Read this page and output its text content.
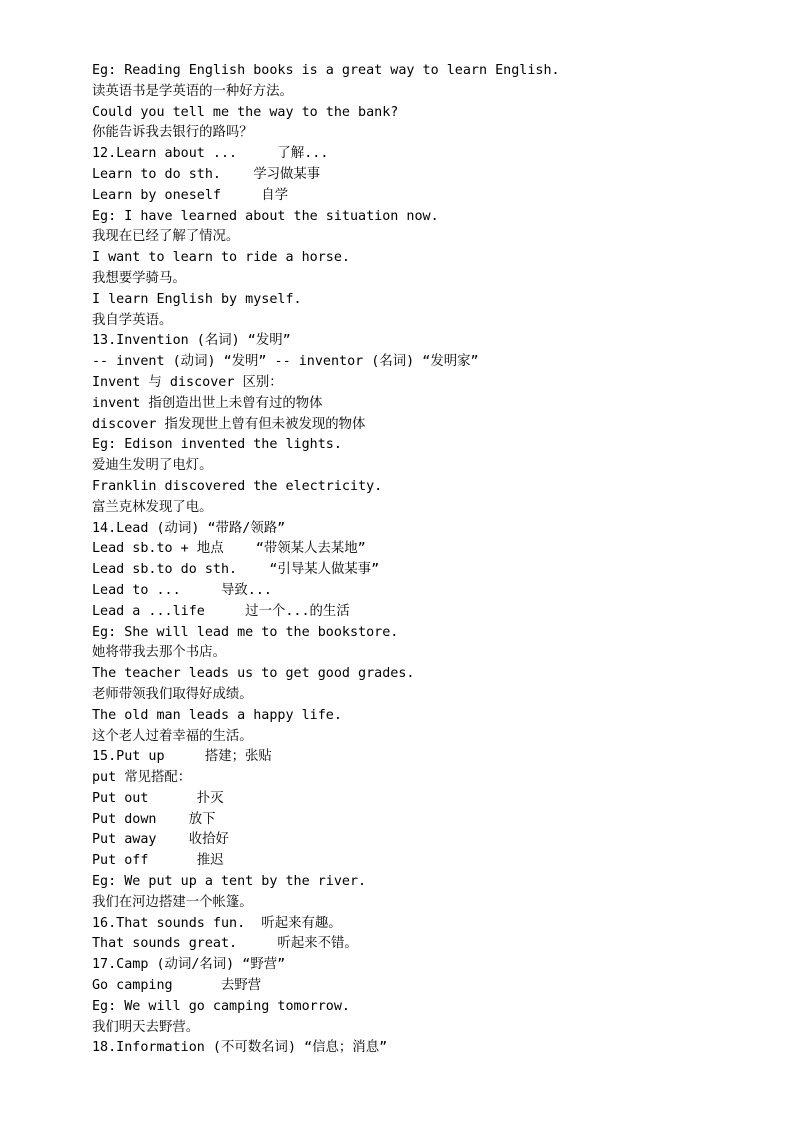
Eg: Reading English books is a great way to learn English.
读英语书是学英语的一种好方法。
Could you tell me the way to the bank?
你能告诉我去银行的路吗？
12.Learn about ...     了解...
Learn to do sth.    学习做某事
Learn by oneself     自学
Eg: I have learned about the situation now.
我现在已经了解了情况。
I want to learn to ride a horse.
我想要学骑马。
I learn English by myself.
我自学英语。
13.Invention (名词) “发明”
-- invent (动词) “发明” -- inventor (名词) “发明家”
Invent 与 discover 区别：
invent 指创造出世上未曾有过的物体
discover 指发现世上曾有但未被发现的物体
Eg: Edison invented the lights.
爱迪生发明了电灯。
Franklin discovered the electricity.
富兰克林发现了电。
14.Lead (动词) “带路/领路”
Lead sb.to + 地点    “带领某人去某地”
Lead sb.to do sth.    “引导某人做某事”
Lead to ...     导致...
Lead a ...life     过一个...的生活
Eg: She will lead me to the bookstore.
她将带我去那个书店。
The teacher leads us to get good grades.
老师带领我们取得好成绩。
The old man leads a happy life.
这个老人过着幸福的生活。
15.Put up     搭建；张贴
put 常见搭配：
Put out      扑灭
Put down    放下
Put away    收拾好
Put off      推迟
Eg: We put up a tent by the river.
我们在河边搭建一个帐篷。
16.That sounds fun.  听起来有趣。
That sounds great.     听起来不错。
17.Camp (动词/名词) “野营”
Go camping      去野营
Eg: We will go camping tomorrow.
我们明天去野营。
18.Information (不可数名词) “信息；消息”
